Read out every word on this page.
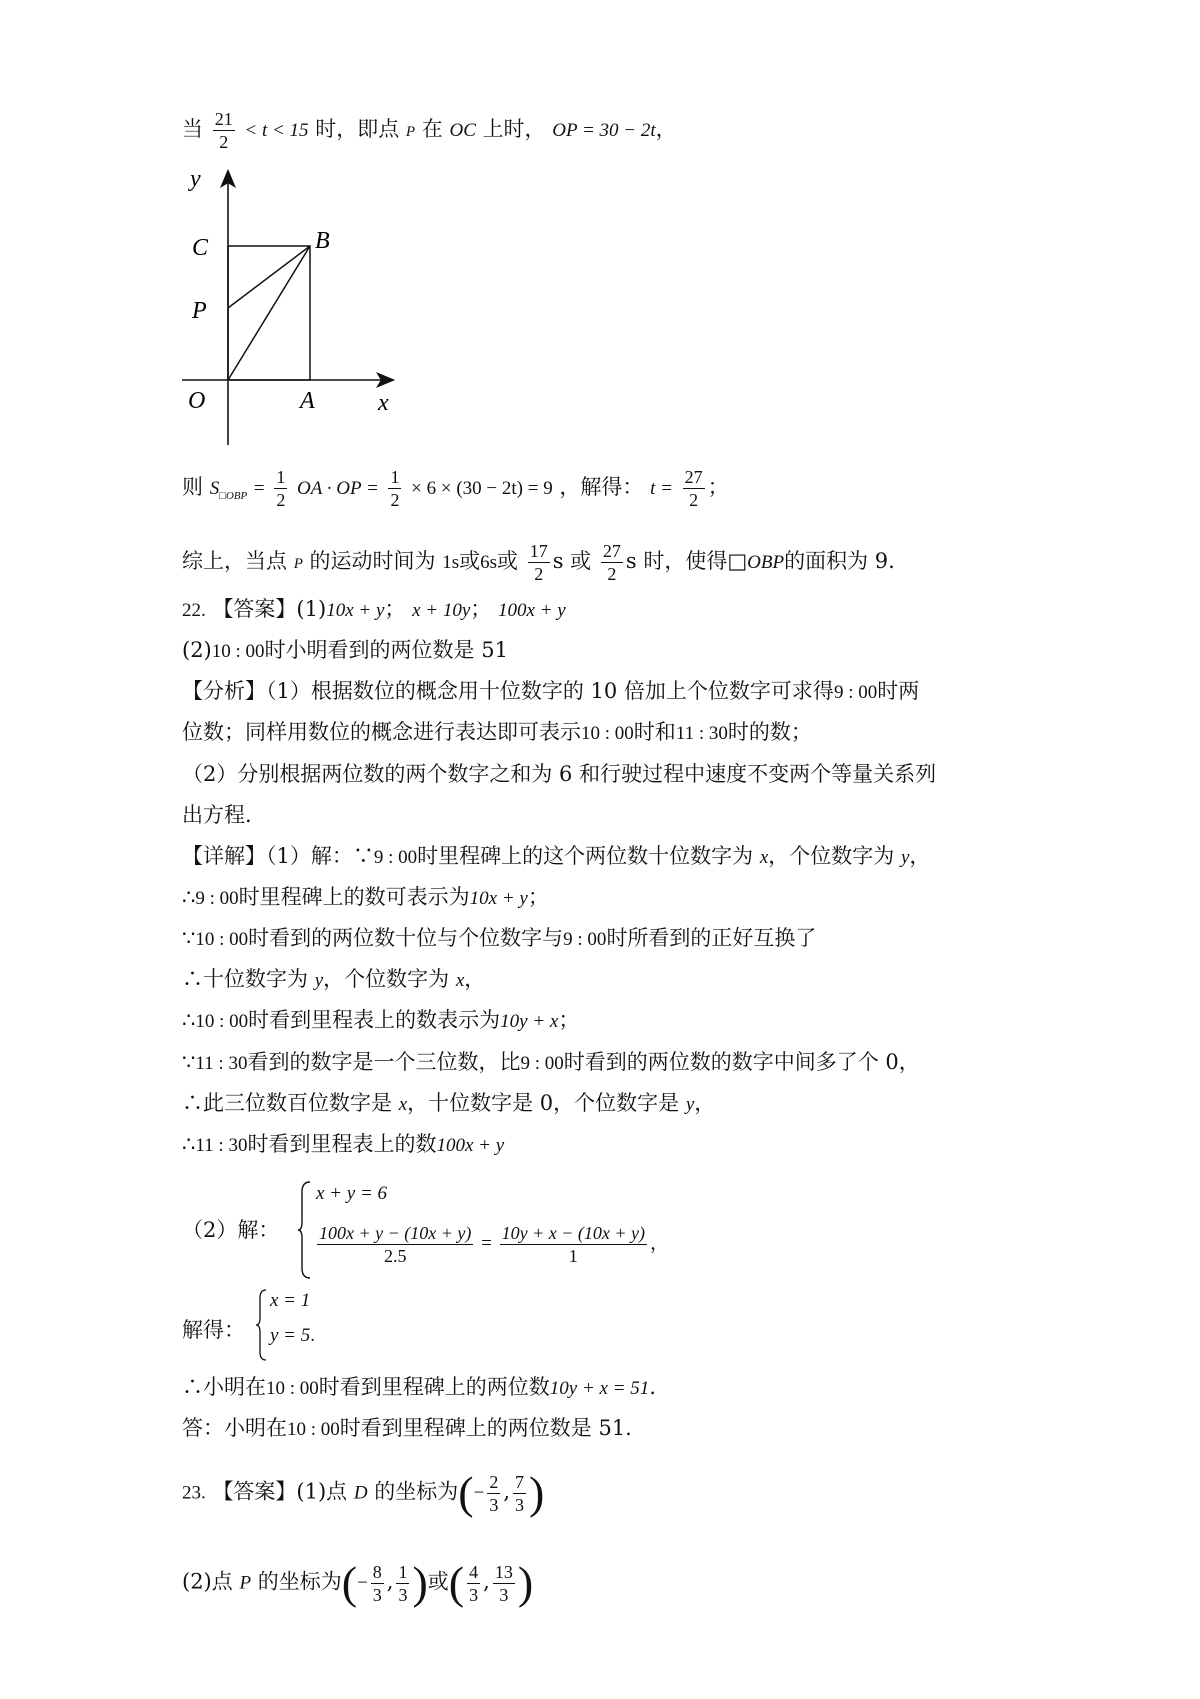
当 $\frac{21}{2} < t < 15$ 时，即点 P 在 OC 上时， OP = 30 − 2t，
y
x
C	B
P
O	A
则 $S_{□OBP} = \frac{1}{2}$ OA · OP = $\frac{1}{2} \times 6 \times (30 - 2t) = 9$ ，解得： $t = \frac{27}{2}$ ；
综上，当点 P 的运动时间为 1s或6s或 $\frac{17}{2}$ s 或 $\frac{27}{2}$ s 时，使得□OBP的面积为 9.
22. 【答案】(1)10x + y； x + 10y； 100x + y
(2)10 : 00时小明看到的两位数是 51
【分析】（1）根据数位的概念用十位数字的 10 倍加上个位数字可求得9 : 00时两
位数；同样用数位的概念进行表达即可表示10 : 00时和11 : 30时的数；
（2）分别根据两位数的两个数字之和为 6 和行驶过程中速度不变两个等量关系列
出方程.
【详解】（1）解：∵9 : 00时里程碑上的这个两位数十位数字为 x，个位数字为 y，
∴9 : 00时里程碑上的数可表示为10x + y；
∵10 : 00时看到的两位数十位与个位数字与9 : 00时所看到的正好互换了
∴十位数字为 y，个位数字为 x，
∴10 : 00时看到里程表上的数表示为10y + x；
∵11 : 30看到的数字是一个三位数，比9 : 00时看到的两位数的数字中间多了个 0，
∴此三位数百位数字是 x，十位数字是 0，个位数字是 y，
∴11 : 30时看到里程表上的数100x + y
（2）解：
x + y = 6
$\frac{100x + y - (10x + y)}{2.5} = \frac{10y + x - (10x + y)}{1}$ ，
解得：
x = 1
y = 5.
∴小明在10 : 00时看到里程碑上的两位数10y + x = 51.
答：小明在10 : 00时看到里程碑上的两位数是 51.
23. 【答案】(1)点 D 的坐标为(− $\frac{2}{3}$ , $\frac{7}{3}$ )
(2)点 P 的坐标为(− $\frac{8}{3}$ , $\frac{1}{3}$ )或( $\frac{4}{3}$ , $\frac{13}{3}$ )
